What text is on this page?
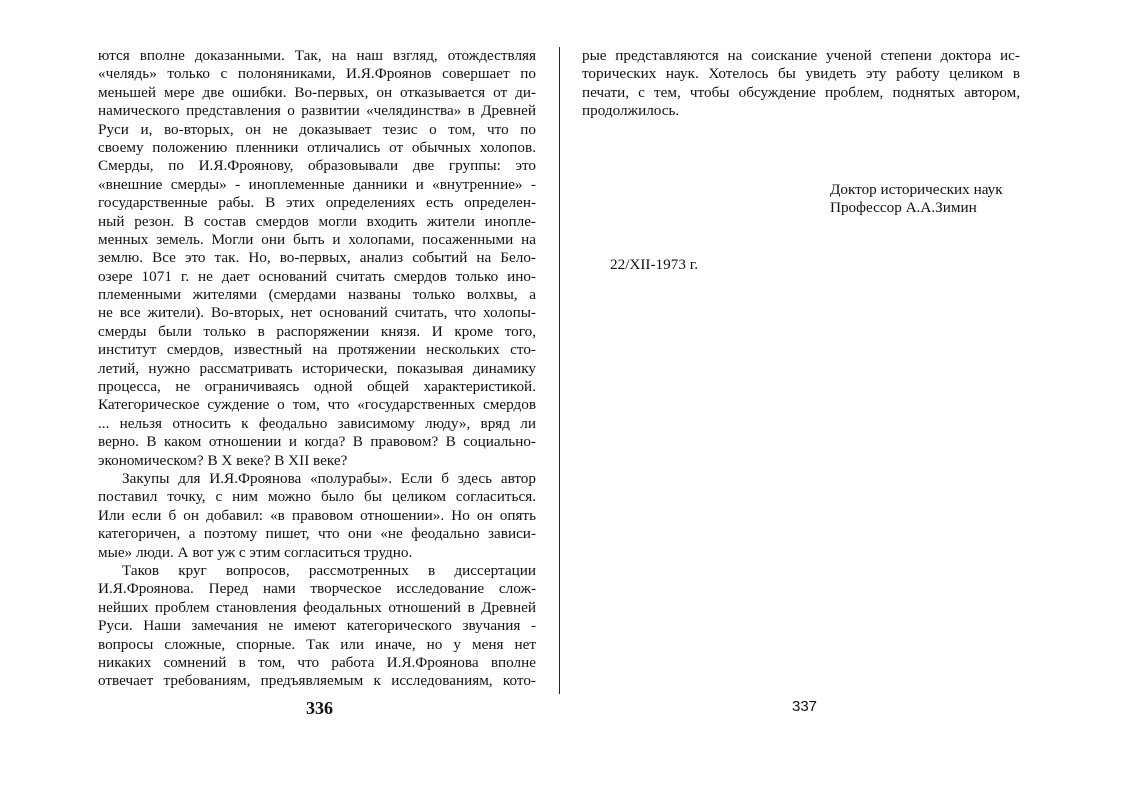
ются вполне доказанными. Так, на наш взгляд, отождествляя
«челядь» только с полоняниками, И.Я.Фроянов совершает по
меньшей мере две ошибки. Во-первых, он отказывается от ди-
намического представления о развитии «челядинства» в Древней
Руси и, во-вторых, он не доказывает тезис о том, что по
своему положению пленники отличались от обычных холопов.
Смерды, по И.Я.Фроянову, образовывали две группы: это
«внешние смерды» - иноплеменные данники и «внутренние» -
государственные рабы. В этих определениях есть определен-
ный резон. В состав смердов могли входить жители инопле-
менных земель. Могли они быть и холопами, посаженными на
землю. Все это так. Но, во-первых, анализ событий на Бело-
озере 1071 г. не дает оснований считать смердов только ино-
племенными жителями (смердами названы только волхвы, а
не все жители). Во-вторых, нет оснований считать, что холопы-
смерды были только в распоряжении князя. И кроме того,
институт смердов, известный на протяжении нескольких сто-
летий, нужно рассматривать исторически, показывая динамику
процесса, не ограничиваясь одной общей характеристикой.
Категорическое суждение о том, что «государственных смердов
... нельзя относить к феодально зависимому люду», вряд ли
верно. В каком отношении и когда? В правовом? В социально-
экономическом? В X веке? В XII веке?
Закупы для И.Я.Фроянова «полурабы». Если б здесь автор
поставил точку, с ним можно было бы целиком согласиться.
Или если б он добавил: «в правовом отношении». Но он опять
категоричен, а поэтому пишет, что они «не феодально зависи-
мые» люди. А вот уж с этим согласиться трудно.
Таков круг вопросов, рассмотренных в диссертации
И.Я.Фроянова. Перед нами творческое исследование слож-
нейших проблем становления феодальных отношений в Древней
Руси. Наши замечания не имеют категорического звучания -
вопросы сложные, спорные. Так или иначе, но у меня нет
никаких сомнений в том, что работа И.Я.Фроянова вполне
отвечает требованиям, предъявляемым к исследованиям, кото-
336
рые представляются на соискание ученой степени доктора ис-
торических наук. Хотелось бы увидеть эту работу целиком в
печати, с тем, чтобы обсуждение проблем, поднятых автором,
продолжилось.
Доктор исторических наук
Профессор А.А.Зимин
22/XII-1973 г.
337
